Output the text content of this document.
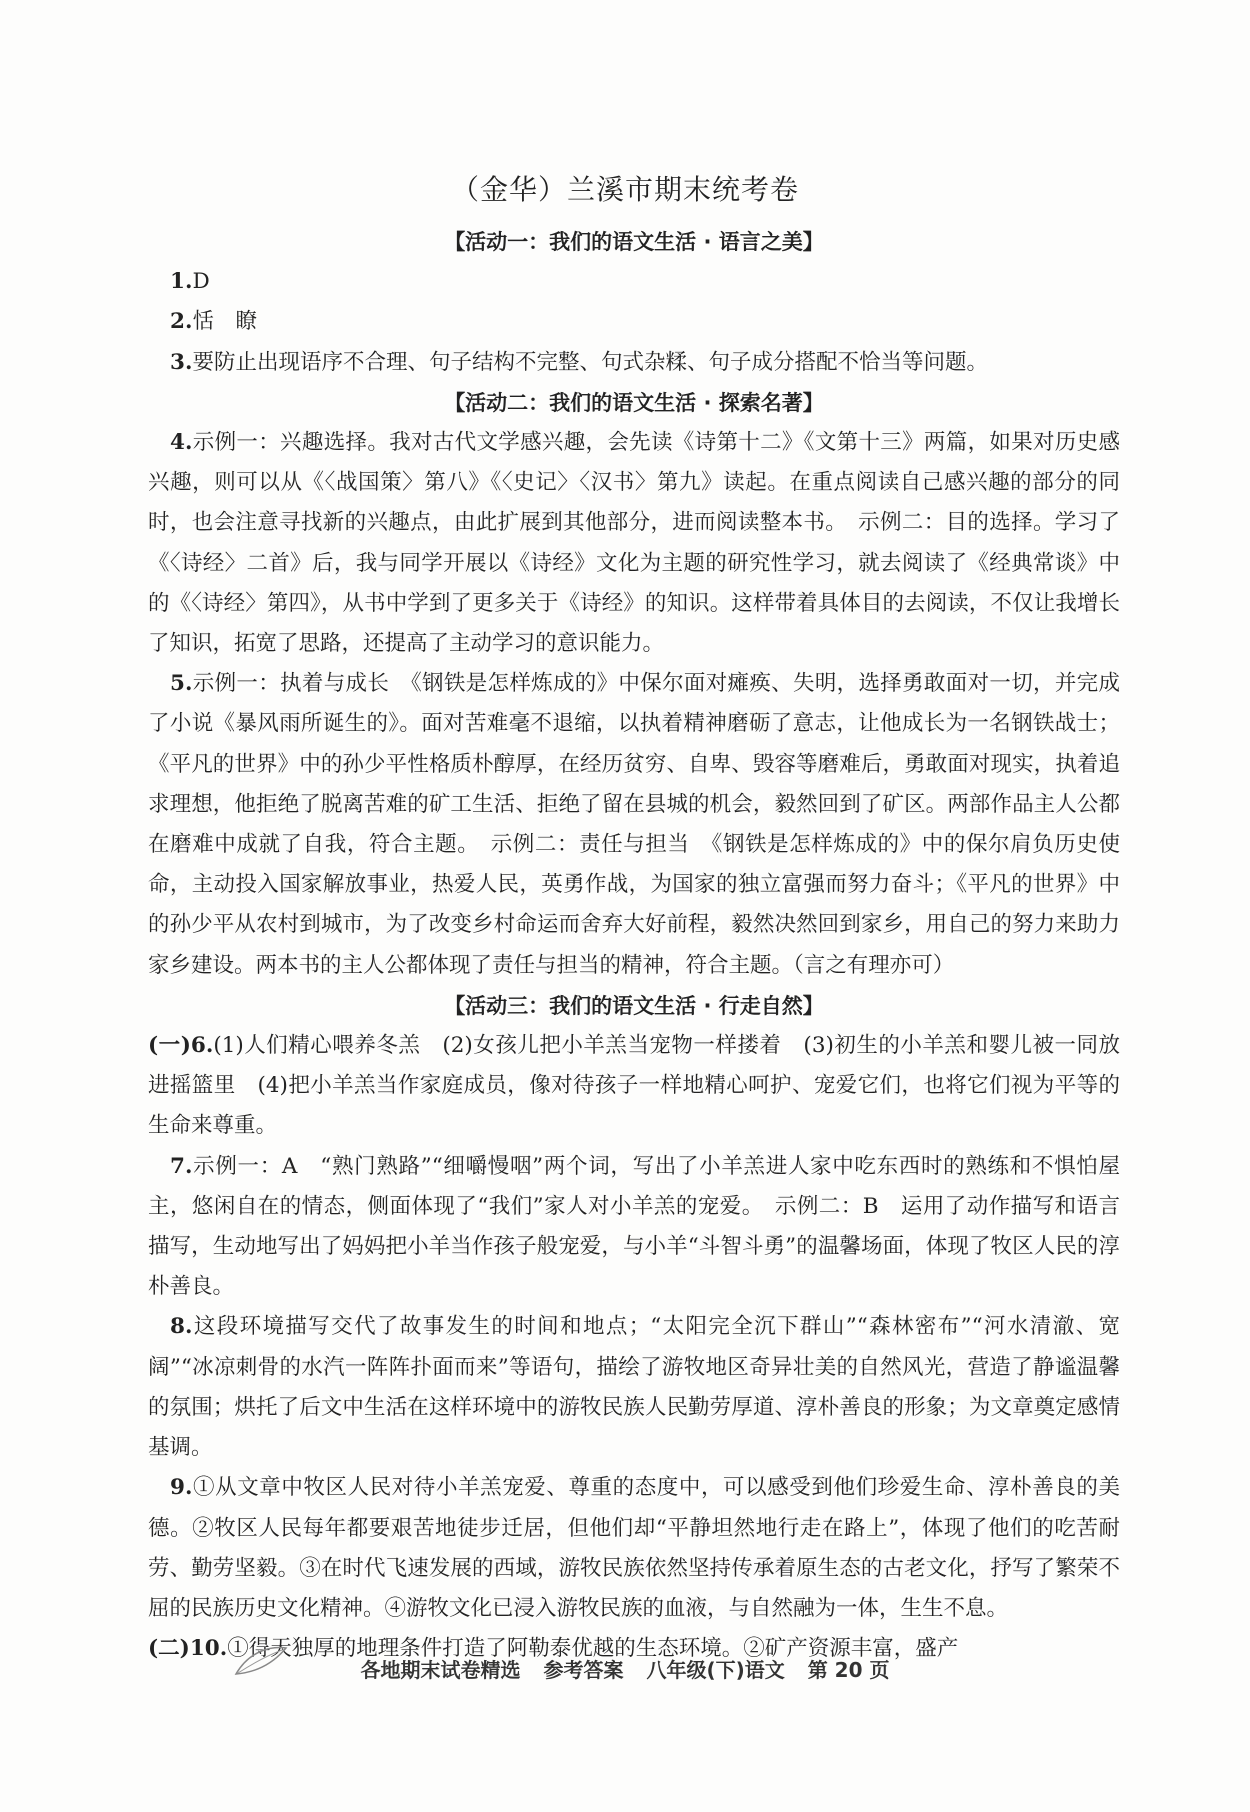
（金华）兰溪市期末统考卷

【活动一：我们的语文生活 · 语言之美】

1.D

2.恬　瞭

3.要防止出现语序不合理、句子结构不完整、句式杂糅、句子成分搭配不恰当等问题。

【活动二：我们的语文生活 · 探索名著】

4.示例一：兴趣选择。我对古代文学感兴趣，会先读《诗第十二》《文第十三》两篇，如果对历史感兴趣，则可以从《〈战国策〉第八》《〈史记〉〈汉书〉第九》读起。在重点阅读自己感兴趣的部分的同时，也会注意寻找新的兴趣点，由此扩展到其他部分，进而阅读整本书。　示例二：目的选择。学习了《〈诗经〉二首》后，我与同学开展以《诗经》文化为主题的研究性学习，就去阅读了《经典常谈》中的《〈诗经〉第四》，从书中学到了更多关于《诗经》的知识。这样带着具体目的去阅读，不仅让我增长了知识，拓宽了思路，还提高了主动学习的意识能力。

5.示例一：执着与成长　《钢铁是怎样炼成的》中保尔面对瘫痪、失明，选择勇敢面对一切，并完成了小说《暴风雨所诞生的》。面对苦难毫不退缩，以执着精神磨砺了意志，让他成长为一名钢铁战士；《平凡的世界》中的孙少平性格质朴醇厚，在经历贫穷、自卑、毁容等磨难后，勇敢面对现实，执着追求理想，他拒绝了脱离苦难的矿工生活、拒绝了留在县城的机会，毅然回到了矿区。两部作品主人公都在磨难中成就了自我，符合主题。　示例二：责任与担当　《钢铁是怎样炼成的》中的保尔肩负历史使命，主动投入国家解放事业，热爱人民，英勇作战，为国家的独立富强而努力奋斗；《平凡的世界》中的孙少平从农村到城市，为了改变乡村命运而舍弃大好前程，毅然决然回到家乡，用自己的努力来助力家乡建设。两本书的主人公都体现了责任与担当的精神，符合主题。（言之有理亦可）

【活动三：我们的语文生活 · 行走自然】

(一)6.(1)人们精心喂养冬羔　(2)女孩儿把小羊羔当宠物一样搂着　(3)初生的小羊羔和婴儿被一同放进摇篮里　(4)把小羊羔当作家庭成员，像对待孩子一样地精心呵护、宠爱它们，也将它们视为平等的生命来尊重。

7.示例一：A　“熟门熟路”“细嚼慢咽”两个词，写出了小羊羔进人家中吃东西时的熟练和不惧怕屋主，悠闲自在的情态，侧面体现了“我们”家人对小羊羔的宠爱。　示例二：B　运用了动作描写和语言描写，生动地写出了妈妈把小羊当作孩子般宠爱，与小羊“斗智斗勇”的温馨场面，体现了牧区人民的淳朴善良。

8.这段环境描写交代了故事发生的时间和地点；“太阳完全沉下群山”“森林密布”“河水清澈、宽阔”“冰凉刺骨的水汽一阵阵扑面而来”等语句，描绘了游牧地区奇异壮美的自然风光，营造了静谧温馨的氛围；烘托了后文中生活在这样环境中的游牧民族人民勤劳厚道、淳朴善良的形象；为文章奠定感情基调。

9.①从文章中牧区人民对待小羊羔宠爱、尊重的态度中，可以感受到他们珍爱生命、淳朴善良的美德。②牧区人民每年都要艰苦地徒步迁居，但他们却“平静坦然地行走在路上”，体现了他们的吃苦耐劳、勤劳坚毅。③在时代飞速发展的西域，游牧民族依然坚持传承着原生态的古老文化，抒写了繁荣不屈的民族历史文化精神。④游牧文化已浸入游牧民族的血液，与自然融为一体，生生不息。

(二)10.①得天独厚的地理条件打造了阿勒泰优越的生态环境。②矿产资源丰富，盛产

各地期末试卷精选 参考答案 八年级(下)语文 第 20 页
